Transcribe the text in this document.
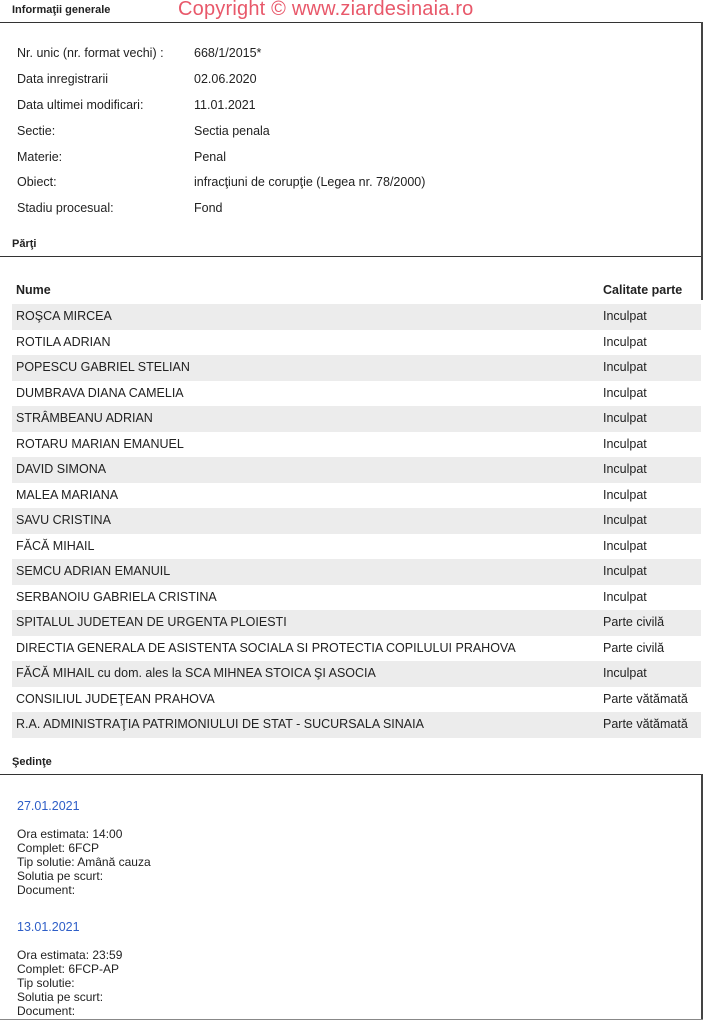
Informaţii generale	Copyright © www.ziardesinaia.ro
Nr. unic (nr. format vechi) : 668/1/2015*
Data inregistrarii	02.06.2020
Data ultimei modificari:	11.01.2021
Sectie:	Sectia penala
Materie:	Penal
Obiect:	infracţiuni de corupţie (Legea nr. 78/2000)
Stadiu procesual:	Fond
Părţi
Nume	Calitate parte
ROŞCA MIRCEA	Inculpat
ROTILA ADRIAN	Inculpat
POPESCU GABRIEL STELIAN	Inculpat
DUMBRAVA DIANA CAMELIA	Inculpat
STRÂMBEANU ADRIAN	Inculpat
ROTARU MARIAN EMANUEL	Inculpat
DAVID SIMONA	Inculpat
MALEA MARIANA	Inculpat
SAVU CRISTINA	Inculpat
FĂCĂ MIHAIL	Inculpat
SEMCU ADRIAN EMANUIL	Inculpat
SERBANOIU GABRIELA CRISTINA	Inculpat
SPITALUL JUDETEAN DE URGENTA PLOIESTI	Parte civilă
DIRECTIA GENERALA DE ASISTENTA SOCIALA SI PROTECTIA COPILULUI PRAHOVA	Parte civilă
FĂCĂ MIHAIL cu dom. ales la SCA MIHNEA STOICA ŞI ASOCIA	Inculpat
CONSILIUL JUDEŢEAN PRAHOVA	Parte vătămată
R.A. ADMINISTRAŢIA PATRIMONIULUI DE STAT - SUCURSALA SINAIA	Parte vătămată
Şedinţe
27.01.2021
Ora estimata: 14:00
Complet: 6FCP
Tip solutie: Amână cauza
Solutia pe scurt:
Document:
13.01.2021
Ora estimata: 23:59
Complet: 6FCP-AP
Tip solutie:
Solutia pe scurt:
Document:
